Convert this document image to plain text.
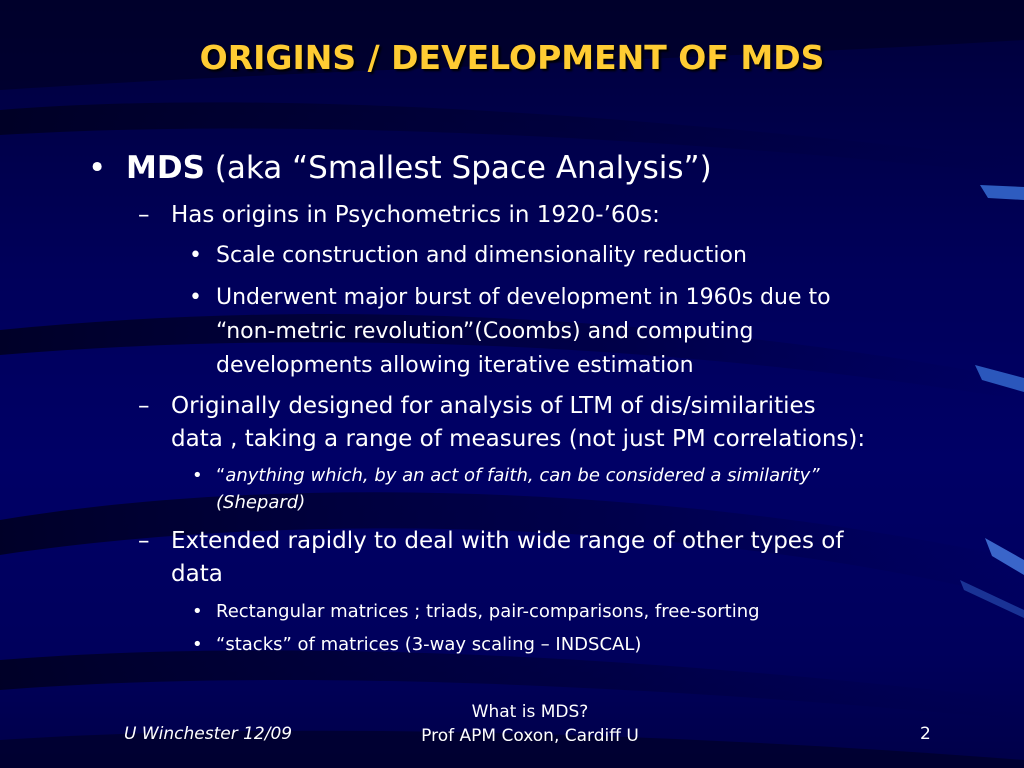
ORIGINS / DEVELOPMENT OF MDS
• MDS (aka “Smallest Space Analysis”)
– Has origins in Psychometrics in 1920-’60s:
• Scale construction and dimensionality reduction
• Underwent major burst of development in 1960s due to
“non-metric revolution”(Coombs) and computing
developments allowing iterative estimation
– Originally designed for analysis of LTM of dis/similarities
data , taking a range of measures (not just PM correlations):
• “anything which, by an act of faith, can be considered a similarity”
(Shepard)
– Extended rapidly to deal with wide range of other types of
data
• Rectangular matrices ; triads, pair-comparisons, free-sorting
• “stacks” of matrices (3-way scaling – INDSCAL)
U Winchester 12/09
What is MDS?
Prof APM Coxon, Cardiff U	2
